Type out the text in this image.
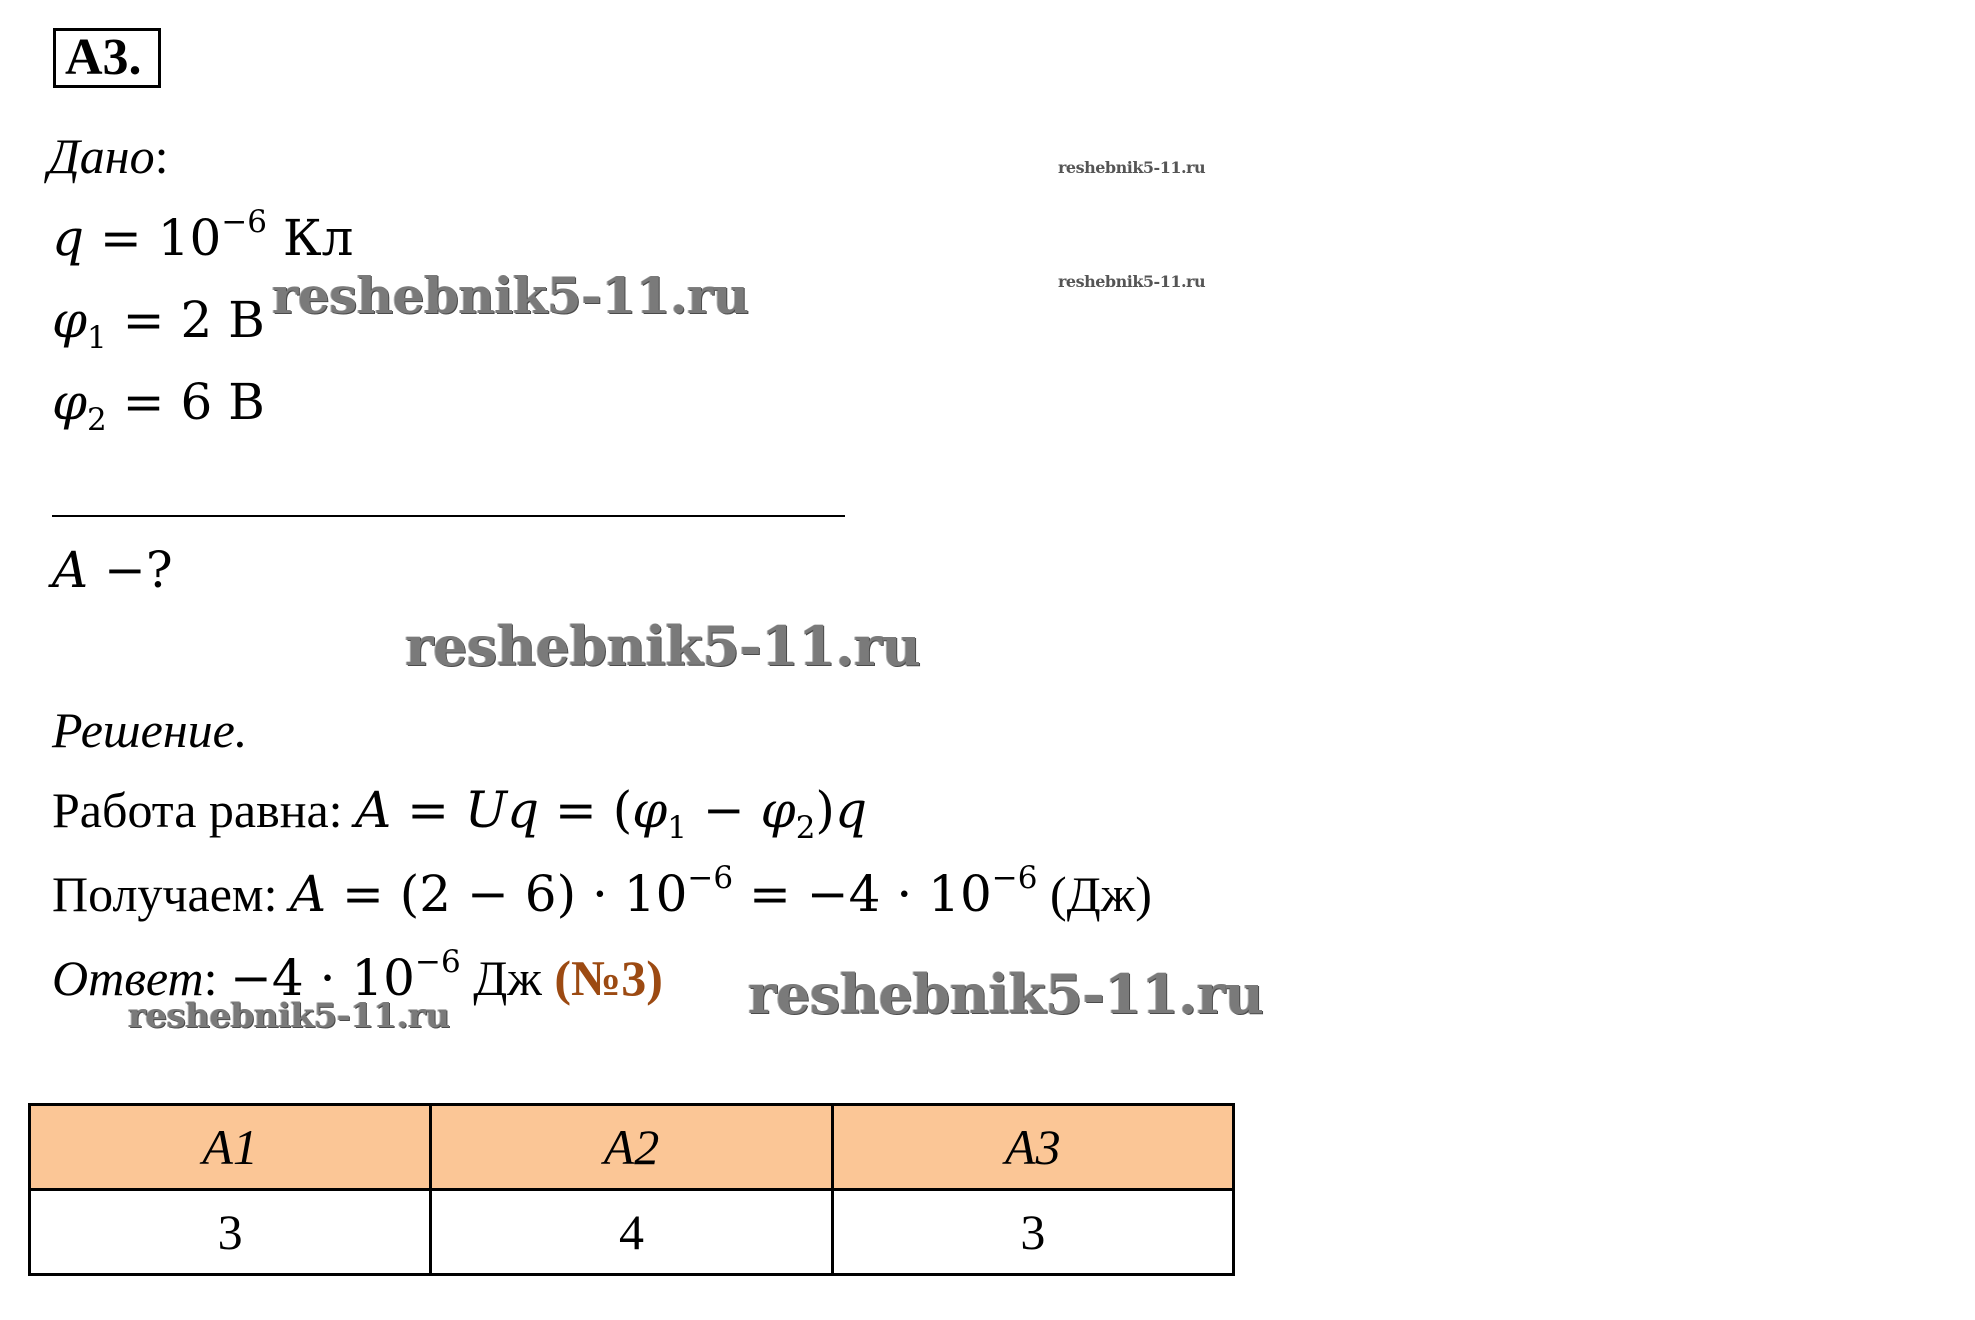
А3.
Дано:
$q = 10^{-6}$ Кл
$\varphi_1 = 2$ В
$\varphi_2 = 6$ В
A −?
Решение.
Работа равна: $A = Uq = (\varphi_1 - \varphi_2)q$
Получаем: $A = (2 - 6) \cdot 10^{-6} = -4 \cdot 10^{-6}$ (Дж)
Ответ: $-4 \cdot 10^{-6}$ Дж (№3)
reshebnik5-11.ru
reshebnik5-11.ru
reshebnik5-11.ru
reshebnik5-11.ru
reshebnik5-11.ru	reshebnik5-11.ru
А1	А2	А3
3	4	3
